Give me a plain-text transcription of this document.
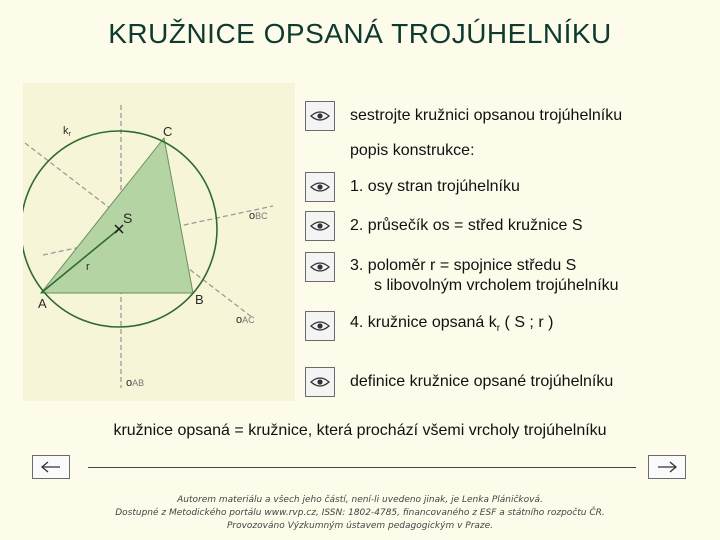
KRUŽNICE OPSANÁ TROJÚHELNÍKU
kr	C
S
r
A	B
oBC
oAC
oAB
sestrojte kružnici opsanou trojúhelníku
popis konstrukce:
1. osy stran trojúhelníku
2. průsečík os = střed kružnice S
3. poloměr r = spojnice středu S
s libovolným vrcholem trojúhelníku
4. kružnice opsaná $k_r$ ( S ; r )
definice kružnice opsané trojúhelníku
kružnice opsaná = kružnice, která prochází všemi vrcholy trojúhelníku
Autorem materiálu a všech jeho částí, není-li uvedeno jinak, je Lenka Pláničková.
Dostupné z Metodického portálu www.rvp.cz, ISSN: 1802-4785, financovaného z ESF a státního rozpočtu ČR.
Provozováno Výzkumným ústavem pedagogickým v Praze.
